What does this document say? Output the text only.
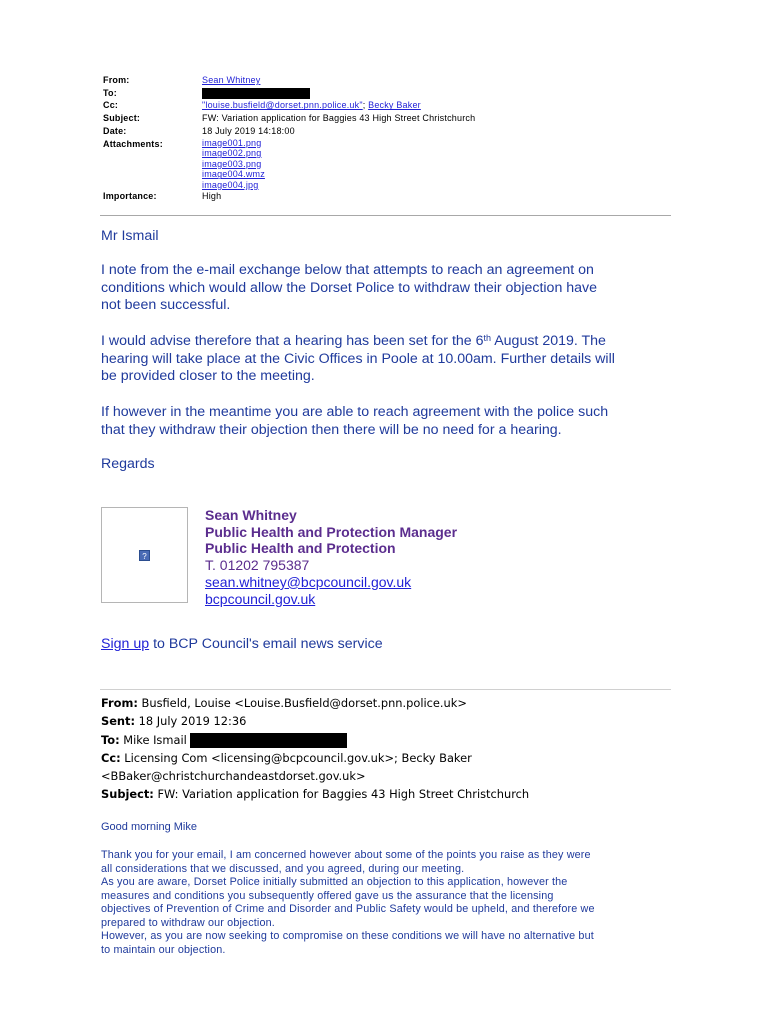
From:	Sean Whitney
To:
Cc:	"louise.busfield@dorset.pnn.police.uk"; Becky Baker
Subject:	FW: Variation application for Baggies 43 High Street Christchurch
Date:	18 July 2019 14:18:00
Attachments:	image001.png
image002.png
image003.png
image004.wmz
image004.jpg
Importance:	High
Mr Ismail
I note from the e-mail exchange below that attempts to reach an agreement on
conditions which would allow the Dorset Police to withdraw their objection have
not been successful.
I would advise therefore that a hearing has been set for the 6th August 2019. The
hearing will take place at the Civic Offices in Poole at 10.00am. Further details will
be provided closer to the meeting.
If however in the meantime you are able to reach agreement with the police such
that they withdraw their objection then there will be no need for a hearing.
Regards
?
Sean Whitney
Public Health and Protection Manager
Public Health and Protection
T. 01202 795387
sean.whitney@bcpcouncil.gov.uk
bcpcouncil.gov.uk
Sign up to BCP Council's email news service
From: Busfield, Louise <Louise.Busfield@dorset.pnn.police.uk>
Sent: 18 July 2019 12:36
To: Mike Ismail
Cc: Licensing Com <licensing@bcpcouncil.gov.uk>; Becky Baker
<BBaker@christchurchandeastdorset.gov.uk>
Subject: FW: Variation application for Baggies 43 High Street Christchurch
Good morning Mike
Thank you for your email, I am concerned however about some of the points you raise as they were
all considerations that we discussed, and you agreed, during our meeting.
As you are aware, Dorset Police initially submitted an objection to this application, however the
measures and conditions you subsequently offered gave us the assurance that the licensing
objectives of Prevention of Crime and Disorder and Public Safety would be upheld, and therefore we
prepared to withdraw our objection.
However, as you are now seeking to compromise on these conditions we will have no alternative but
to maintain our objection.
